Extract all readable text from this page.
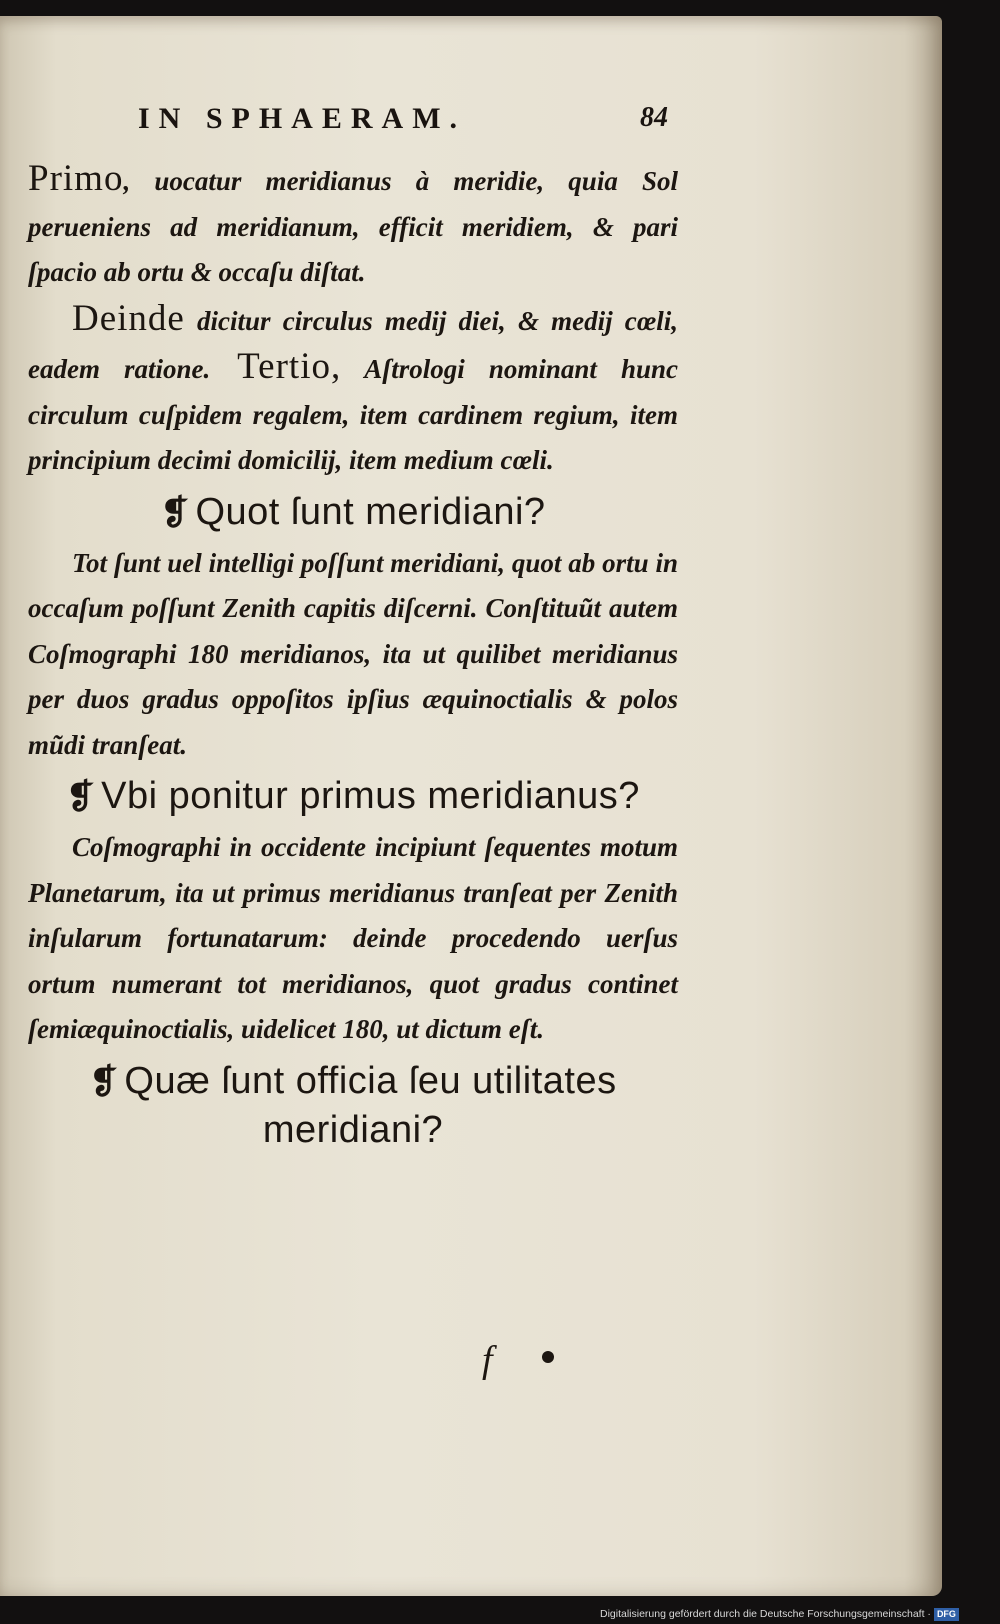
IN SPHAERAM.	84

Primo, uocatur meridianus à meridie, quia Sol perueniens ad meridianum, efficit meridiem, & pari ſpacio ab ortu & occaſu diſtat.

Deinde dicitur circulus medij diei, & medij cœli, eadem ratione. Tertio, Aſtrologi nominant hunc circulum cuſpidem regalem, item cardinem regium, item principium decimi domicilij, item medium cœli.

❡ Quot ſunt meridiani?

Tot ſunt uel intelligi poſſunt meridiani, quot ab ortu in occaſum poſſunt Zenith capitis diſcerni. Conſtituũt autem Coſmographi 180 meridianos, ita ut quilibet meridianus per duos gradus oppoſitos ipſius æquinoctialis & polos mũdi tranſeat.

❡ Vbi ponitur primus meridianus?

Coſmographi in occidente incipiunt ſequentes motum Planetarum, ita ut primus meridianus tranſeat per Zenith inſularum fortunatarum: deinde procedendo uerſus ortum numerant tot meridianos, quot gradus continet ſemiæquinoctialis, uidelicet 180, ut dictum eſt.

❡ Quæ ſunt officia ſeu utilitates meridiani?
f
Digitalisierung gefördert durch die Deutsche Forschungsgemeinschaft · DFG
